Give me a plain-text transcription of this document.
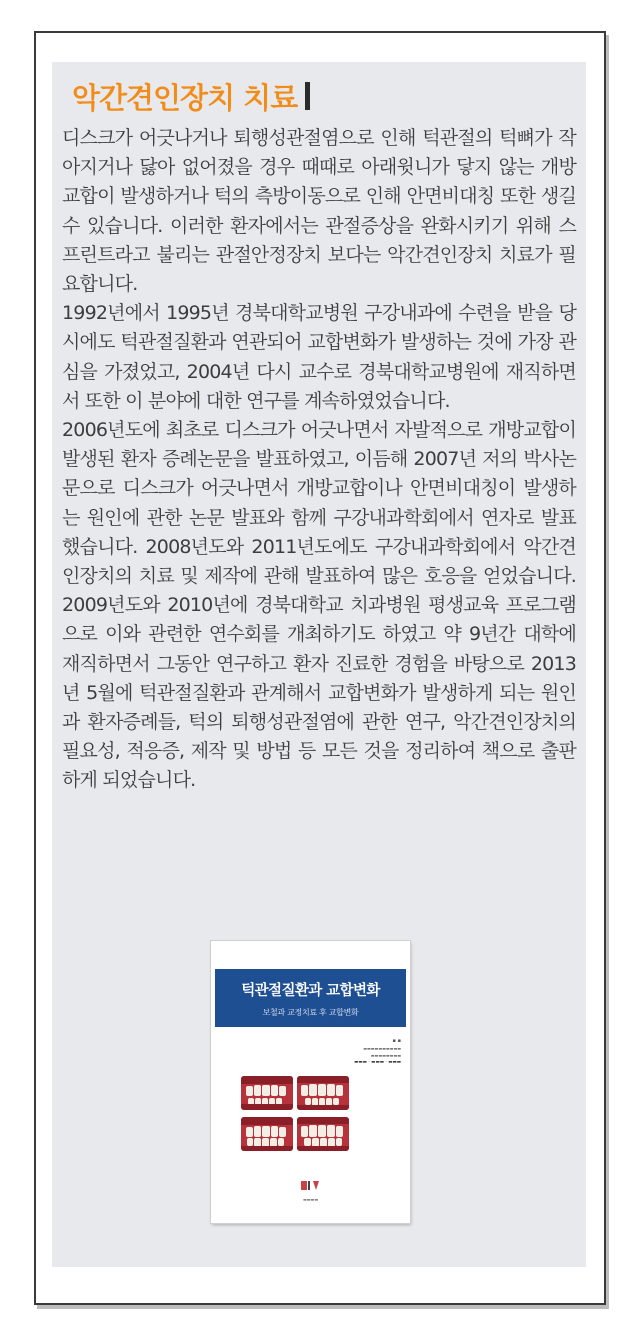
악간견인장치 치료

디스크가 어긋나거나 퇴행성관절염으로 인해 턱관절의 턱뼈가 작아지거나 닳아 없어졌을 경우 때때로 아래윗니가 닿지 않는 개방교합이 발생하거나 턱의 측방이동으로 인해 안면비대칭 또한 생길 수 있습니다. 이러한 환자에서는 관절증상을 완화시키기 위해 스프린트라고 불리는 관절안정장치 보다는 악간견인장치 치료가 필요합니다.

1992년에서 1995년 경북대학교병원 구강내과에 수련을 받을 당시에도 턱관절질환과 연관되어 교합변화가 발생하는 것에 가장 관심을 가졌었고, 2004년 다시 교수로 경북대학교병원에 재직하면서 또한 이 분야에 대한 연구를 계속하였었습니다.

2006년도에 최초로 디스크가 어긋나면서 자발적으로 개방교합이 발생된 환자 증례논문을 발표하였고, 이듬해 2007년 저의 박사논문으로 디스크가 어긋나면서 개방교합이나 안면비대칭이 발생하는 원인에 관한 논문 발표와 함께 구강내과학회에서 연자로 발표했습니다. 2008년도와 2011년도에도 구강내과학회에서 악간견인장치의 치료 및 제작에 관해 발표하여 많은 호응을 얻었습니다. 2009년도와 2010년에 경북대학교 치과병원 평생교육 프로그램으로 이와 관련한 연수회를 개최하기도 하였고 약 9년간 대학에 재직하면서 그동안 연구하고 환자 진료한 경험을 바탕으로 2013년 5월에 턱관절질환과 관계해서 교합변화가 발생하게 되는 원인과 환자증례들, 턱의 퇴행성관절염에 관한 연구, 악간견인장치의 필요성, 적응증, 제작 및 방법 등 모든 것을 정리하여 책으로 출판하게 되었습니다.

턱관절질환과 교합변화
보철과 교정치료 후 교합변화
▪ ▪
▬▬▬▬▬▬▬▬▬▬
▬▬▬▬▬▬▬▬
▬▬▬ · ▬▬▬ · ▬▬▬
▬▬▬▬
